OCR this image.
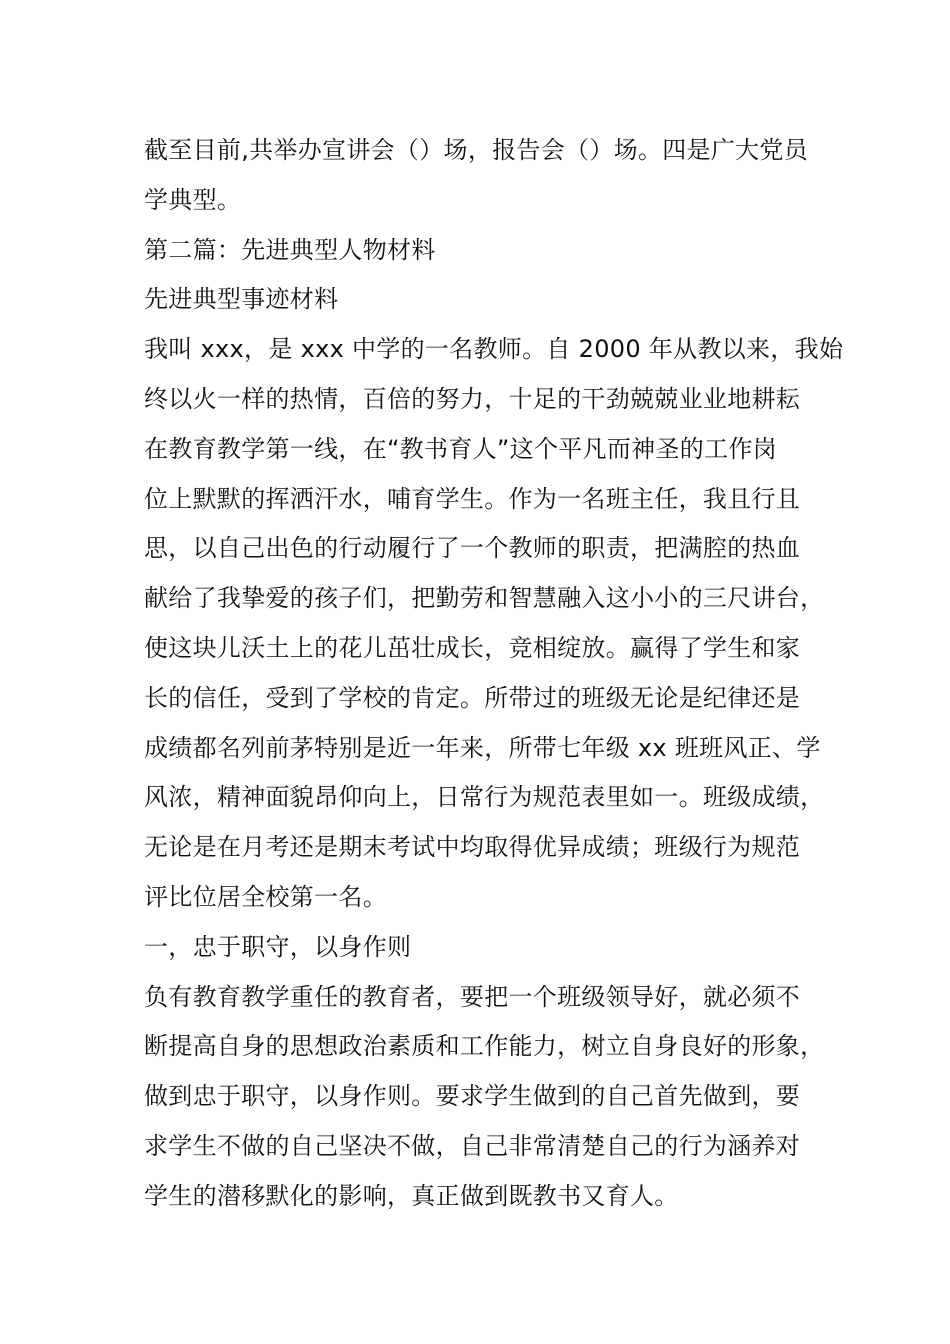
截至目前,共举办宣讲会（）场，报告会（）场。四是广大党员
学典型。
第二篇：先进典型人物材料
先进典型事迹材料
我叫 xxx，是 xxx 中学的一名教师。自 2000 年从教以来，我始
终以火一样的热情，百倍的努力，十足的干劲兢兢业业地耕耘
在教育教学第一线，在“教书育人”这个平凡而神圣的工作岗
位上默默的挥洒汗水，哺育学生。作为一名班主任，我且行且
思，以自己出色的行动履行了一个教师的职责，把满腔的热血
献给了我挚爱的孩子们，把勤劳和智慧融入这小小的三尺讲台，
使这块儿沃土上的花儿茁壮成长，竞相绽放。赢得了学生和家
长的信任，受到了学校的肯定。所带过的班级无论是纪律还是
成绩都名列前茅特别是近一年来，所带七年级 xx 班班风正、学
风浓，精神面貌昂仰向上，日常行为规范表里如一。班级成绩，
无论是在月考还是期末考试中均取得优异成绩；班级行为规范
评比位居全校第一名。
一，忠于职守，以身作则
负有教育教学重任的教育者，要把一个班级领导好，就必须不
断提高自身的思想政治素质和工作能力，树立自身良好的形象，
做到忠于职守，以身作则。要求学生做到的自己首先做到，要
求学生不做的自己坚决不做，自己非常清楚自己的行为涵养对
学生的潜移默化的影响，真正做到既教书又育人。
